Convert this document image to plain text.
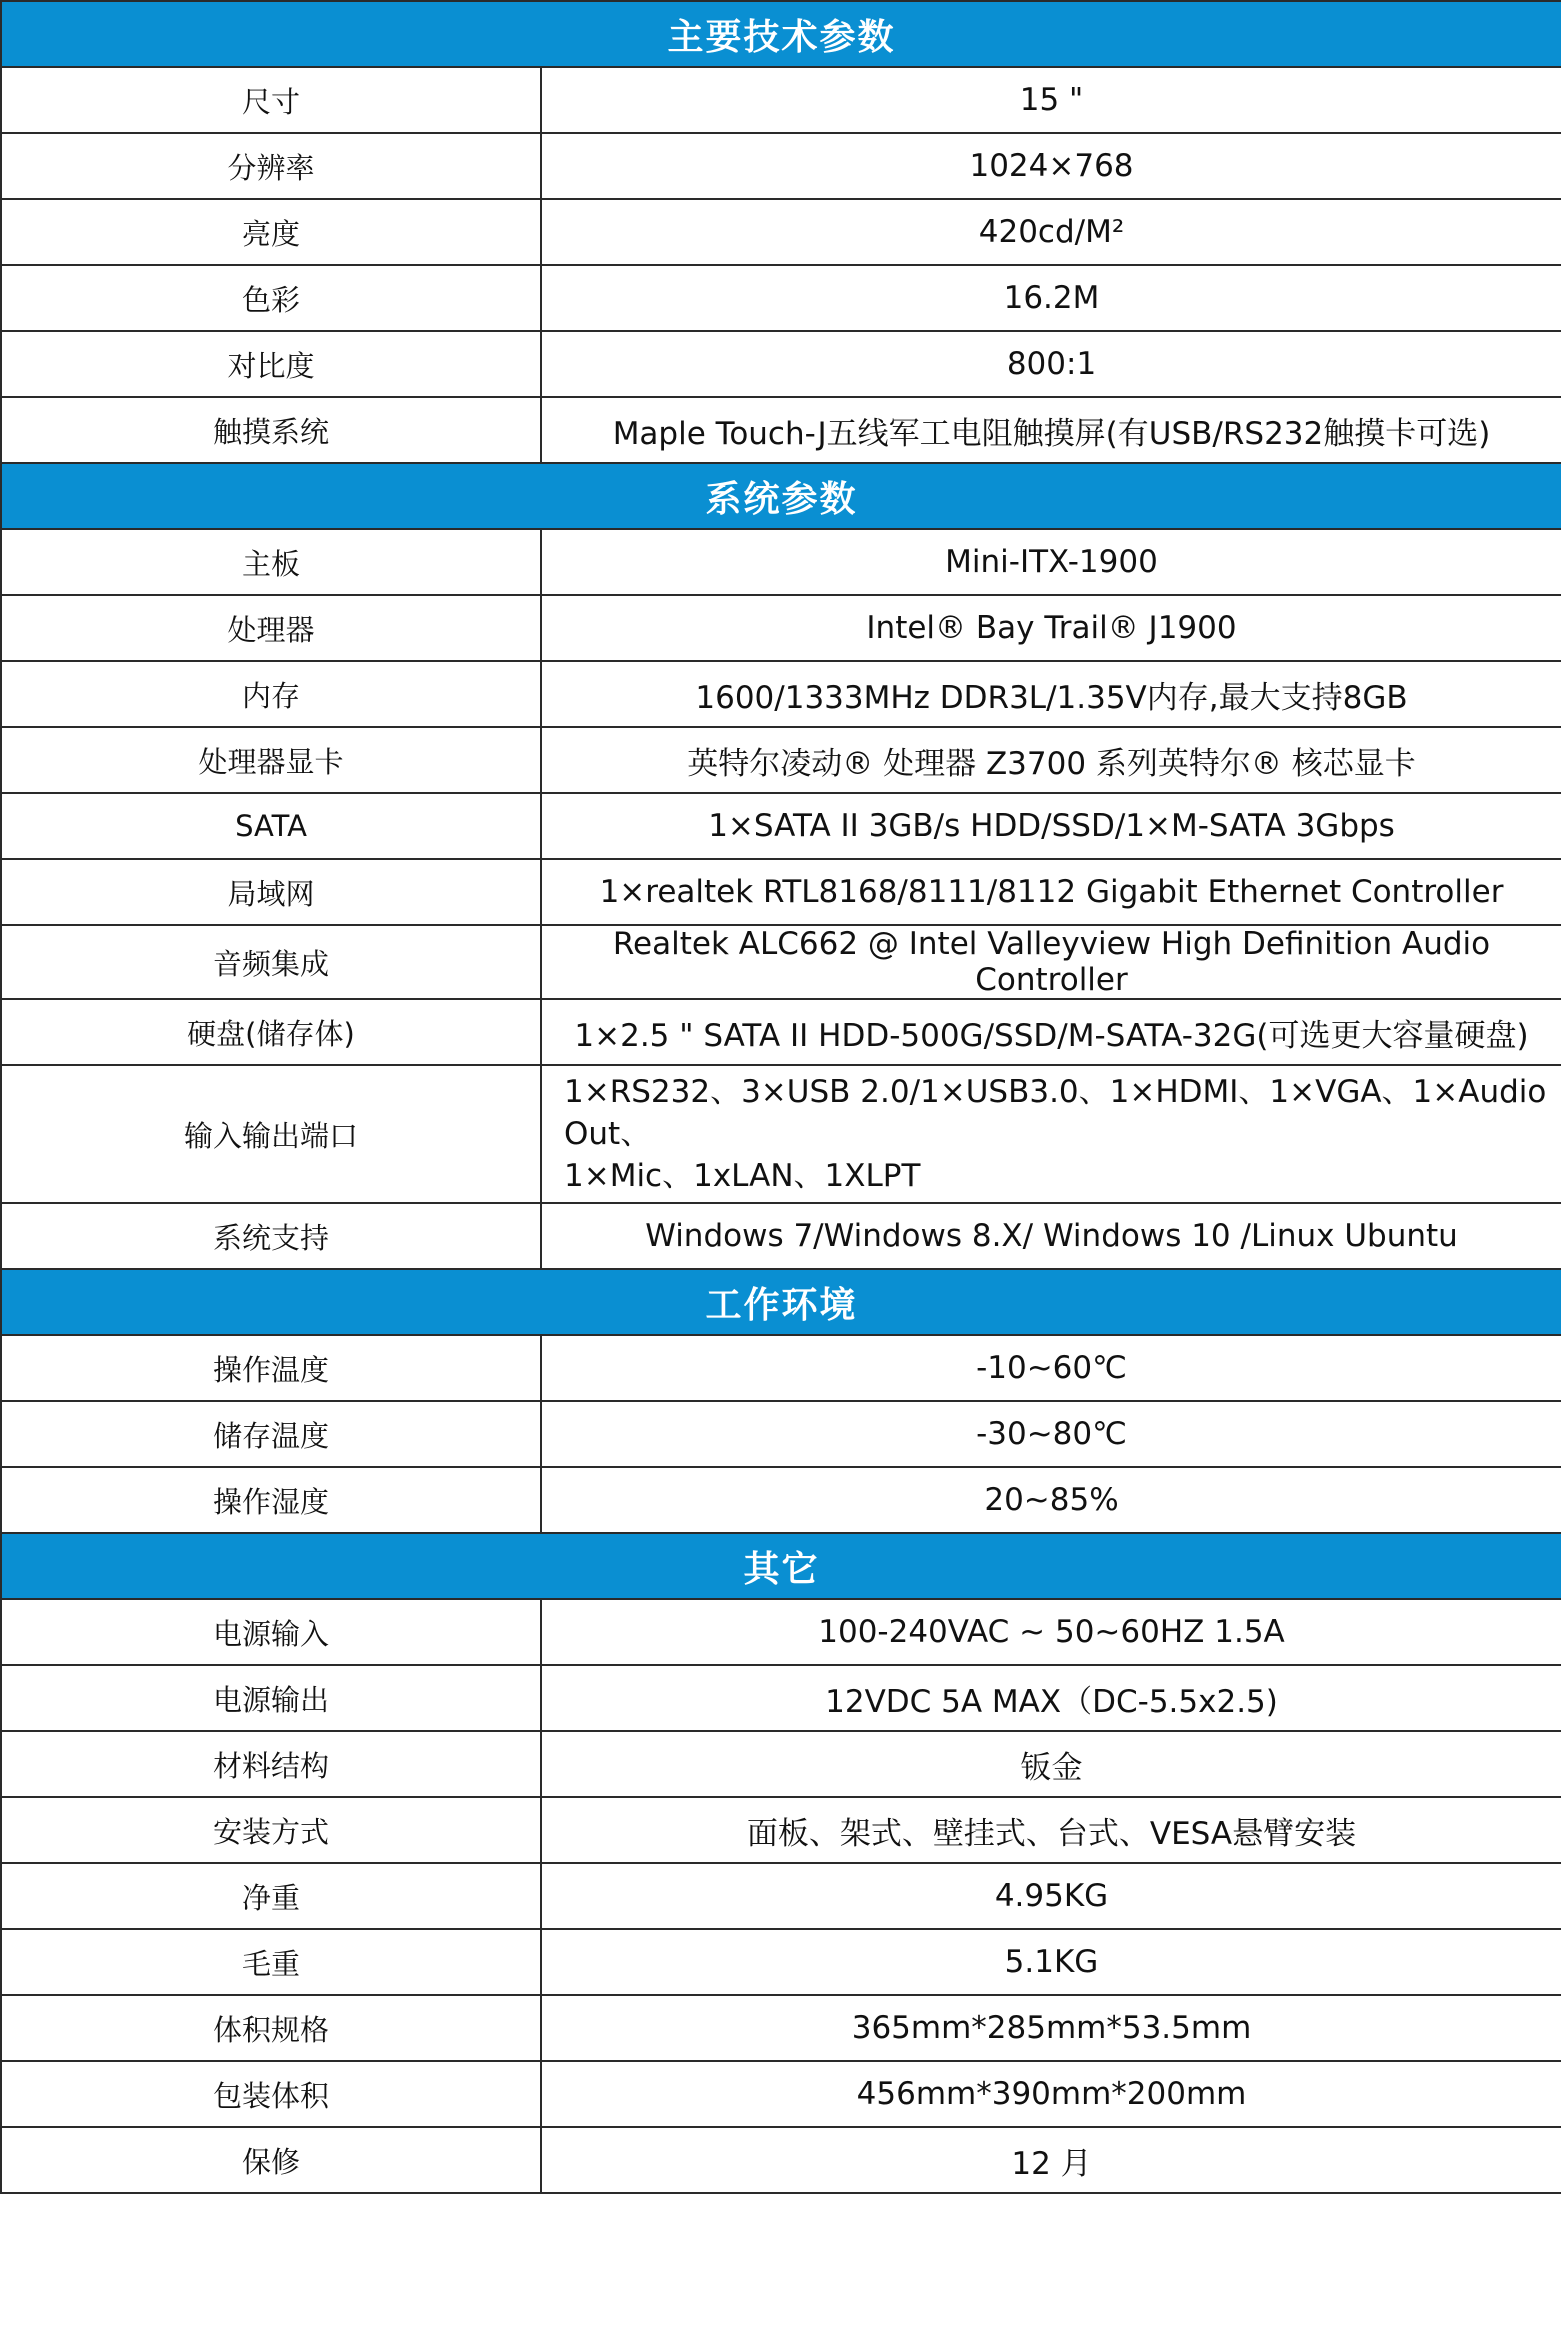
主要技术参数	
尺寸	15 "
分辨率	1024×768
亮度	420cd/M²
色彩	16.2M
对比度	800:1
触摸系统	Maple Touch-J五线军工电阻触摸屏(有USB/RS232触摸卡可选)
系统参数	
主板	Mini-ITX-1900
处理器	Intel® Bay Trail® J1900
内存	1600/1333MHz DDR3L/1.35V内存,最大支持8GB
处理器显卡	英特尔凌动® 处理器 Z3700 系列英特尔® 核芯显卡
SATA	1×SATA II 3GB/s HDD/SSD/1×M-SATA 3Gbps
局域网	1×realtek RTL8168/8111/8112 Gigabit Ethernet Controller
音频集成	Realtek ALC662 @ Intel Valleyview High Definition Audio Controller
硬盘(储存体)	1×2.5 " SATA II HDD-500G/SSD/M-SATA-32G(可选更大容量硬盘)
输入输出端口	1×RS232、3×USB 2.0/1×USB3.0、1×HDMI、1×VGA、1×Audio Out、
1×Mic、1xLAN、1XLPT

系统支持	Windows 7/Windows 8.X/ Windows 10 /Linux Ubuntu
工作环境	
操作温度	-10~60℃
储存温度	-30~80℃
操作湿度	20~85%
其它	
电源输入	100-240VAC ~ 50~60HZ 1.5A
电源输出	12VDC 5A MAX（DC-5.5x2.5)
材料结构	钣金
安装方式	面板、架式、壁挂式、台式、VESA悬臂安装
净重	4.95KG
毛重	5.1KG
体积规格	365mm*285mm*53.5mm
包装体积	456mm*390mm*200mm
保修	12 月
